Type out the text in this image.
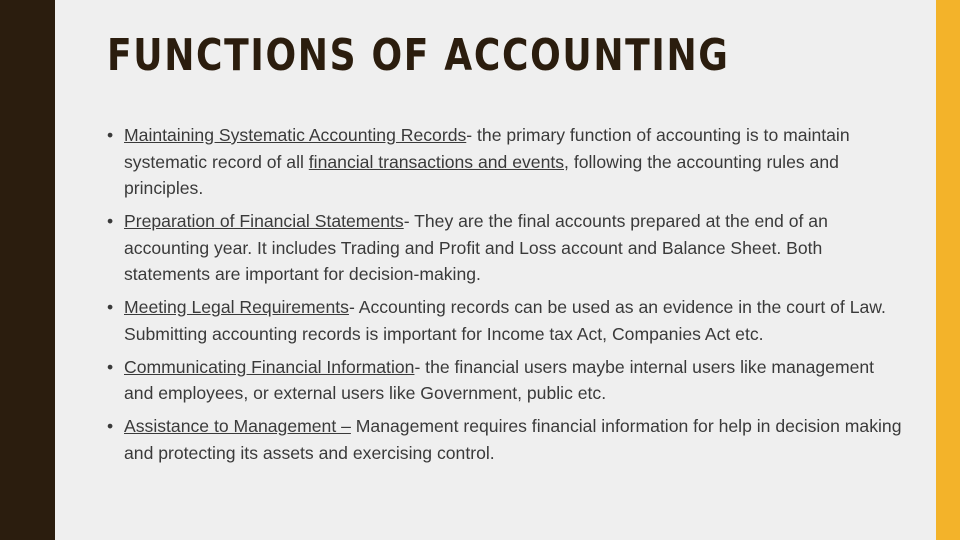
FUNCTIONS OF ACCOUNTING
• Maintaining Systematic Accounting Records- the primary function of accounting is to maintain systematic record of all financial transactions and events, following the accounting rules and principles.
• Preparation of Financial Statements- They are the final accounts prepared at the end of an accounting year. It includes Trading and Profit and Loss account and Balance Sheet. Both statements are important for decision-making.
• Meeting Legal Requirements- Accounting records can be used as an evidence in the court of Law. Submitting accounting records is important for Income tax Act, Companies Act etc.
• Communicating Financial Information- the financial users maybe internal users like management and employees, or external users like Government, public etc.
• Assistance to Management – Management requires financial information for help in decision making and protecting its assets and exercising control.
